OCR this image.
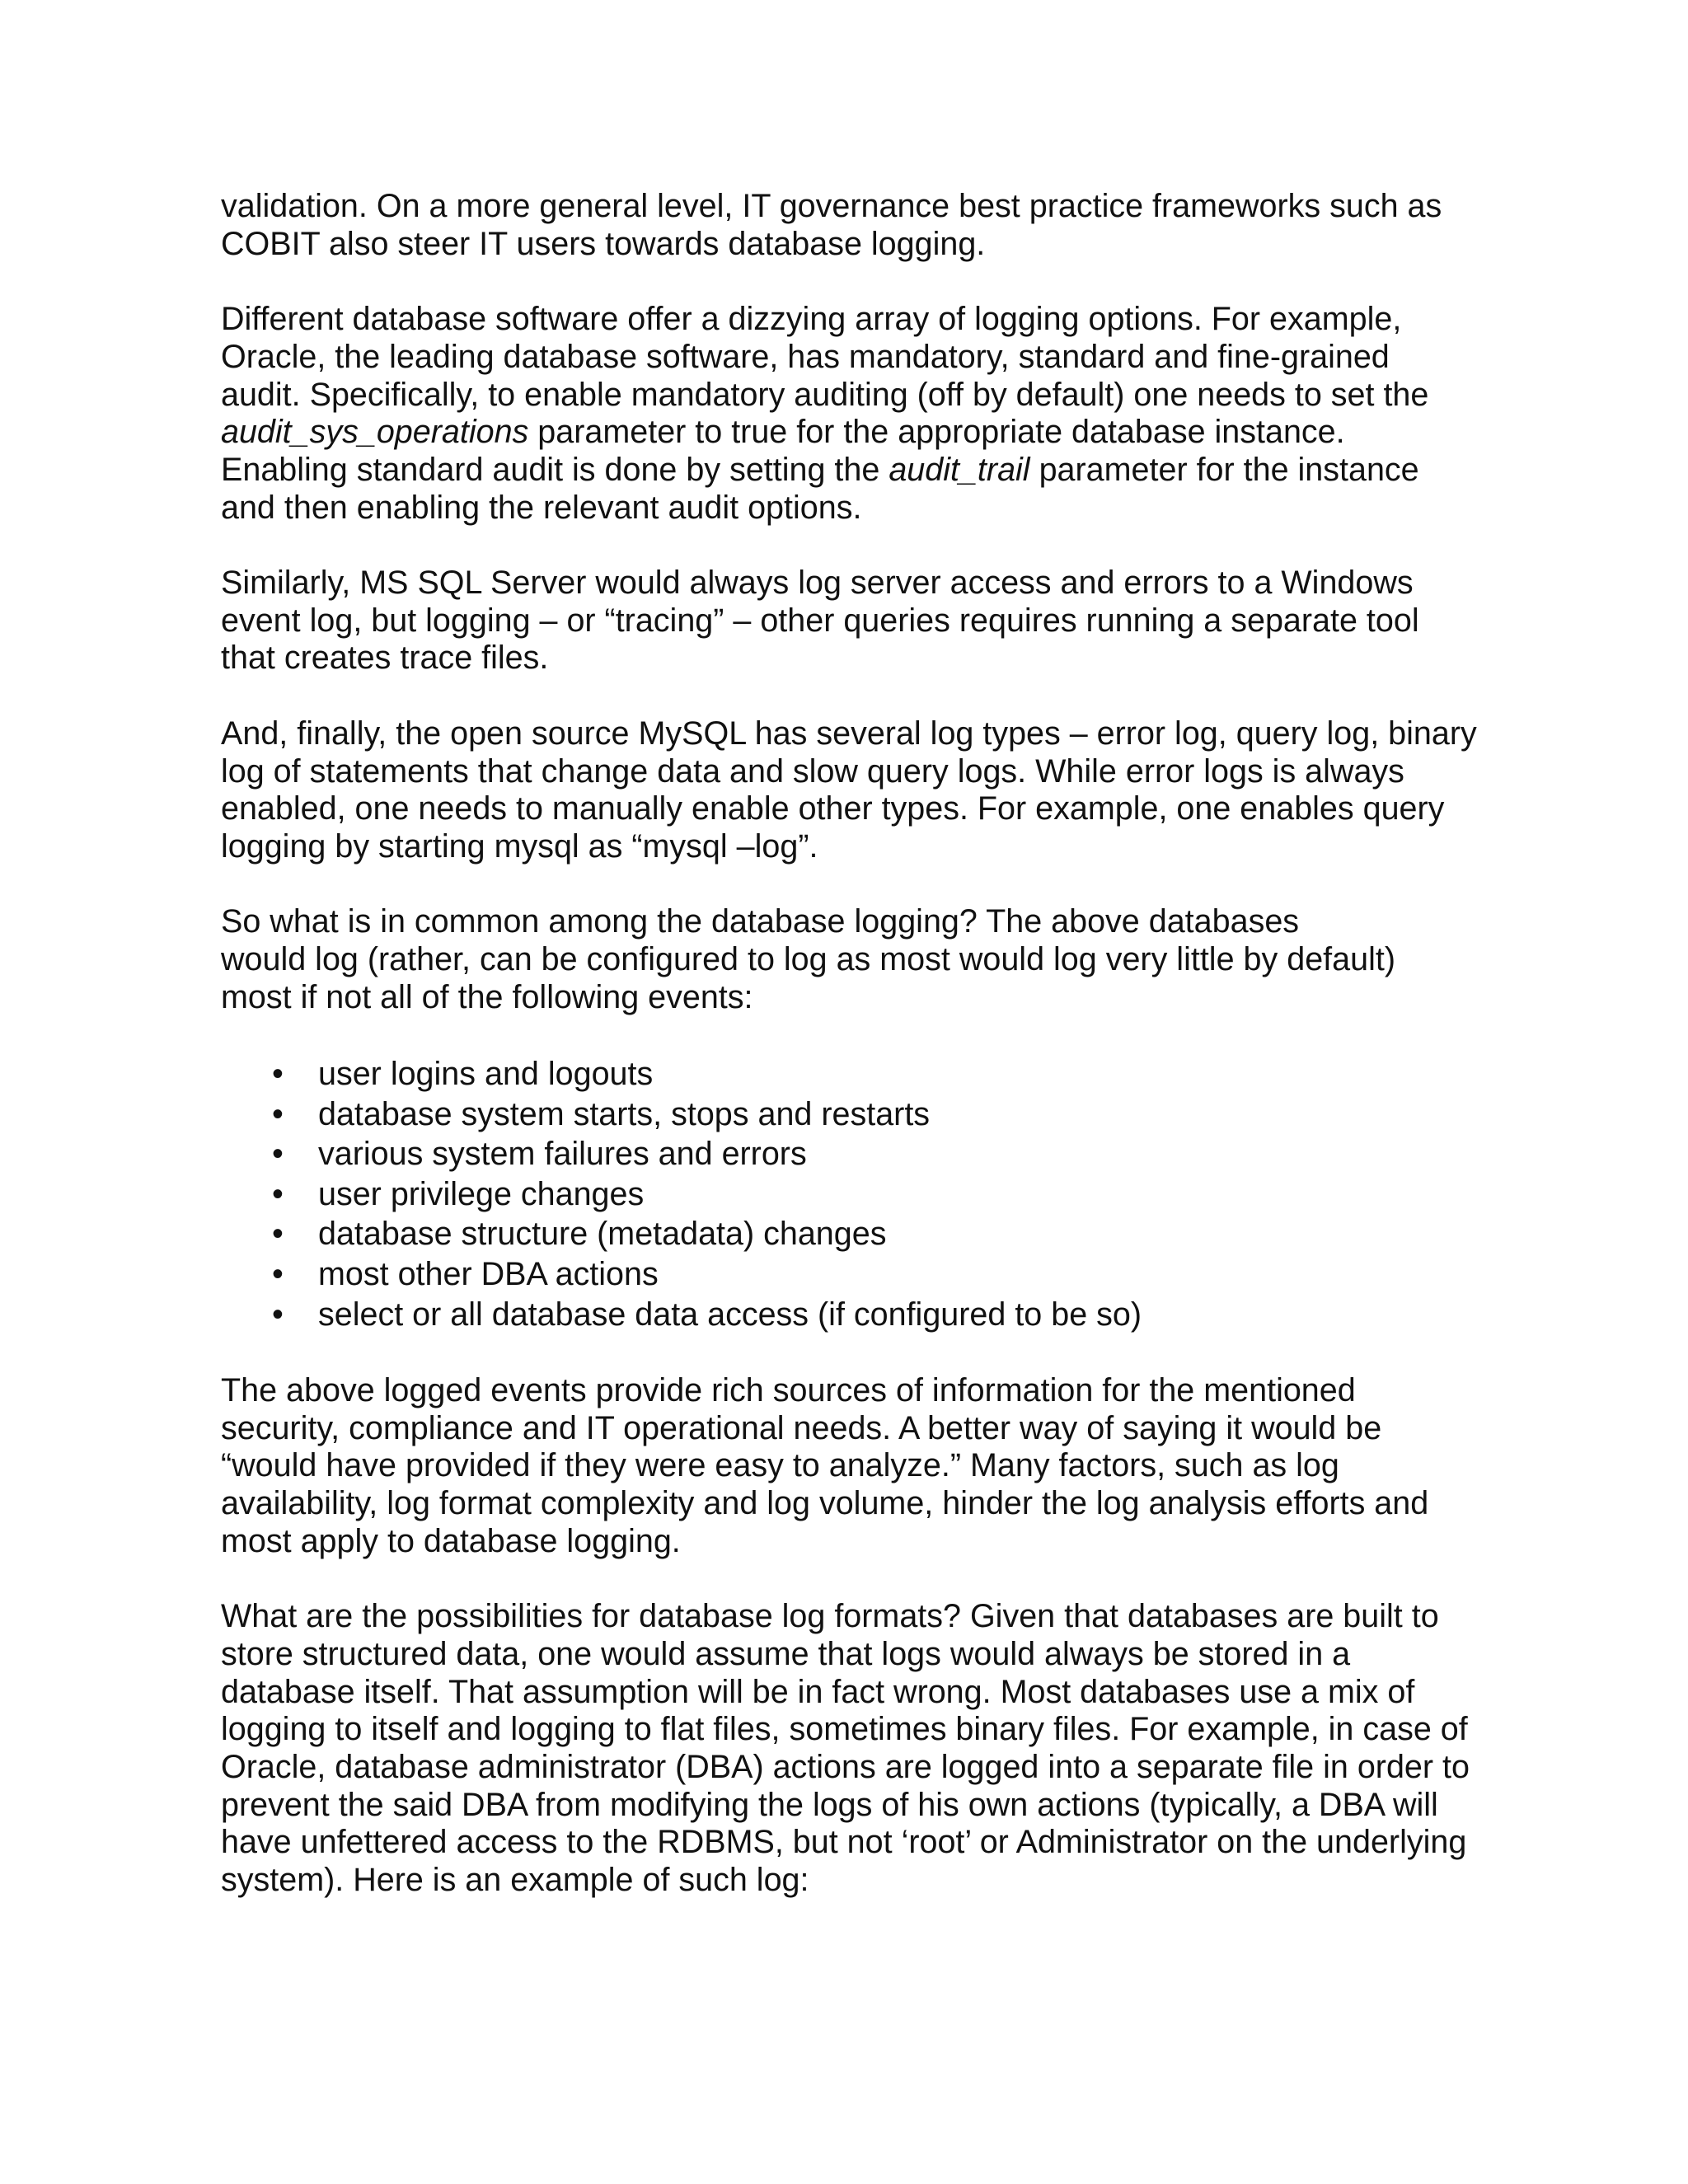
validation. On a more general level, IT governance best practice frameworks such as
COBIT also steer IT users towards database logging.

Different database software offer a dizzying array of logging options. For example,
Oracle, the leading database software, has mandatory, standard and fine-grained
audit. Specifically, to enable mandatory auditing (off by default) one needs to set the
audit_sys_operations parameter to true for the appropriate database instance.
Enabling standard audit is done by setting the audit_trail parameter for the instance
and then enabling the relevant audit options.

Similarly, MS SQL Server would always log server access and errors to a Windows
event log, but logging – or “tracing” – other queries requires running a separate tool
that creates trace files.

And, finally, the open source MySQL has several log types – error log, query log, binary
log of statements that change data and slow query logs. While error logs is always
enabled, one needs to manually enable other types. For example, one enables query
logging by starting mysql as “mysql –log”.

So what is in common among the database logging? The above databases
would log (rather, can be configured to log as most would log very little by default)
most if not all of the following events:

• user logins and logouts
• database system starts, stops and restarts
• various system failures and errors
• user privilege changes
• database structure (metadata) changes
• most other DBA actions
• select or all database data access (if configured to be so)

The above logged events provide rich sources of information for the mentioned
security, compliance and IT operational needs. A better way of saying it would be
“would have provided if they were easy to analyze.” Many factors, such as log
availability, log format complexity and log volume, hinder the log analysis efforts and
most apply to database logging.

What are the possibilities for database log formats? Given that databases are built to
store structured data, one would assume that logs would always be stored in a
database itself. That assumption will be in fact wrong. Most databases use a mix of
logging to itself and logging to flat files, sometimes binary files. For example, in case of
Oracle, database administrator (DBA) actions are logged into a separate file in order to
prevent the said DBA from modifying the logs of his own actions (typically, a DBA will
have unfettered access to the RDBMS, but not ‘root’ or Administrator on the underlying
system). Here is an example of such log:
